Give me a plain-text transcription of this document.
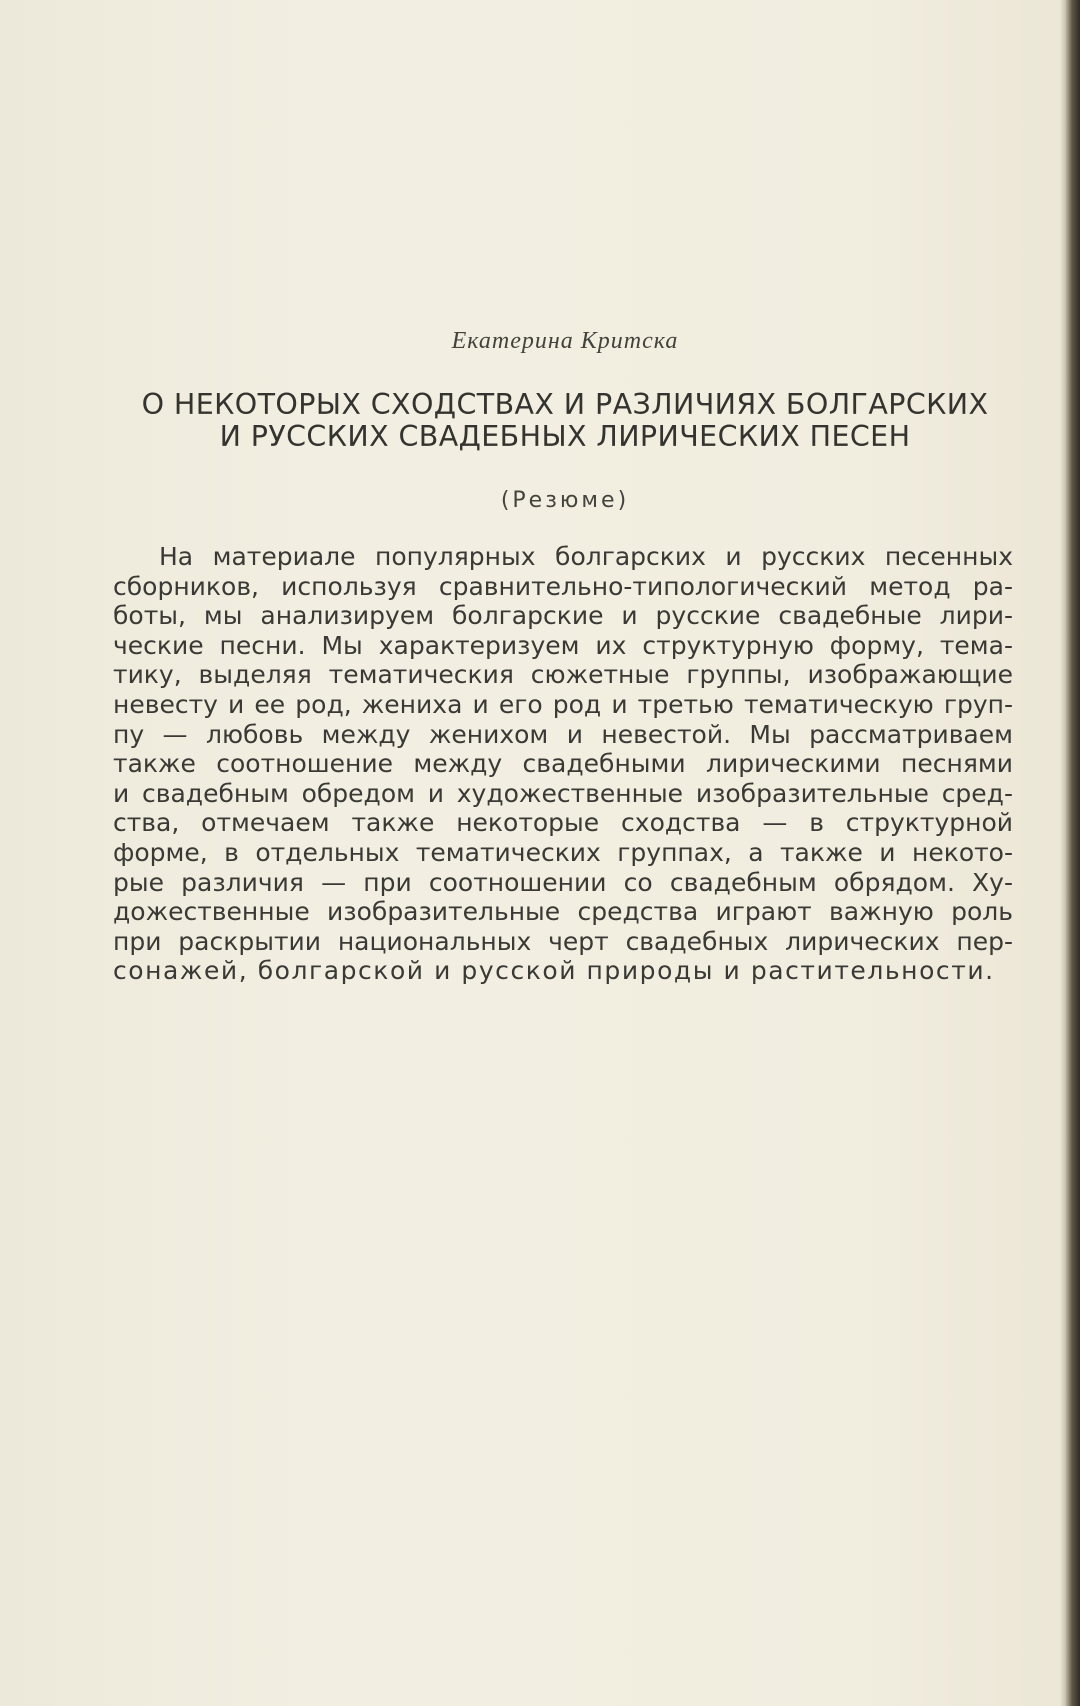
Екатерина Критска
О НЕКОТОРЫХ СХОДСТВАХ И РАЗЛИЧИЯХ БОЛГАРСКИХ
И РУССКИХ СВАДЕБНЫХ ЛИРИЧЕСКИХ ПЕСЕН
(Резюме)
На материале популярных болгарских и русских песенных
сборников, используя сравнительно-типологический метод ра-
боты, мы анализируем болгарские и русские свадебные лири-
ческие песни. Мы характеризуем их структурную форму, тема-
тику, выделяя тематическия сюжетные группы, изображающие
невесту и ее род, жениха и его род и третью тематическую груп-
пу — любовь между женихом и невестой. Мы рассматриваем
также соотношение между свадебными лирическими песнями
и свадебным обредом и художественные изобразительные сред-
ства, отмечаем также некоторые сходства — в структурной
форме, в отдельных тематических группах, а также и некото-
рые различия — при соотношении со свадебным обрядом. Ху-
дожественные изобразительные средства играют важную роль
при раскрытии национальных черт свадебных лирических пер-
сонажей, болгарской и русской природы и растительности.
